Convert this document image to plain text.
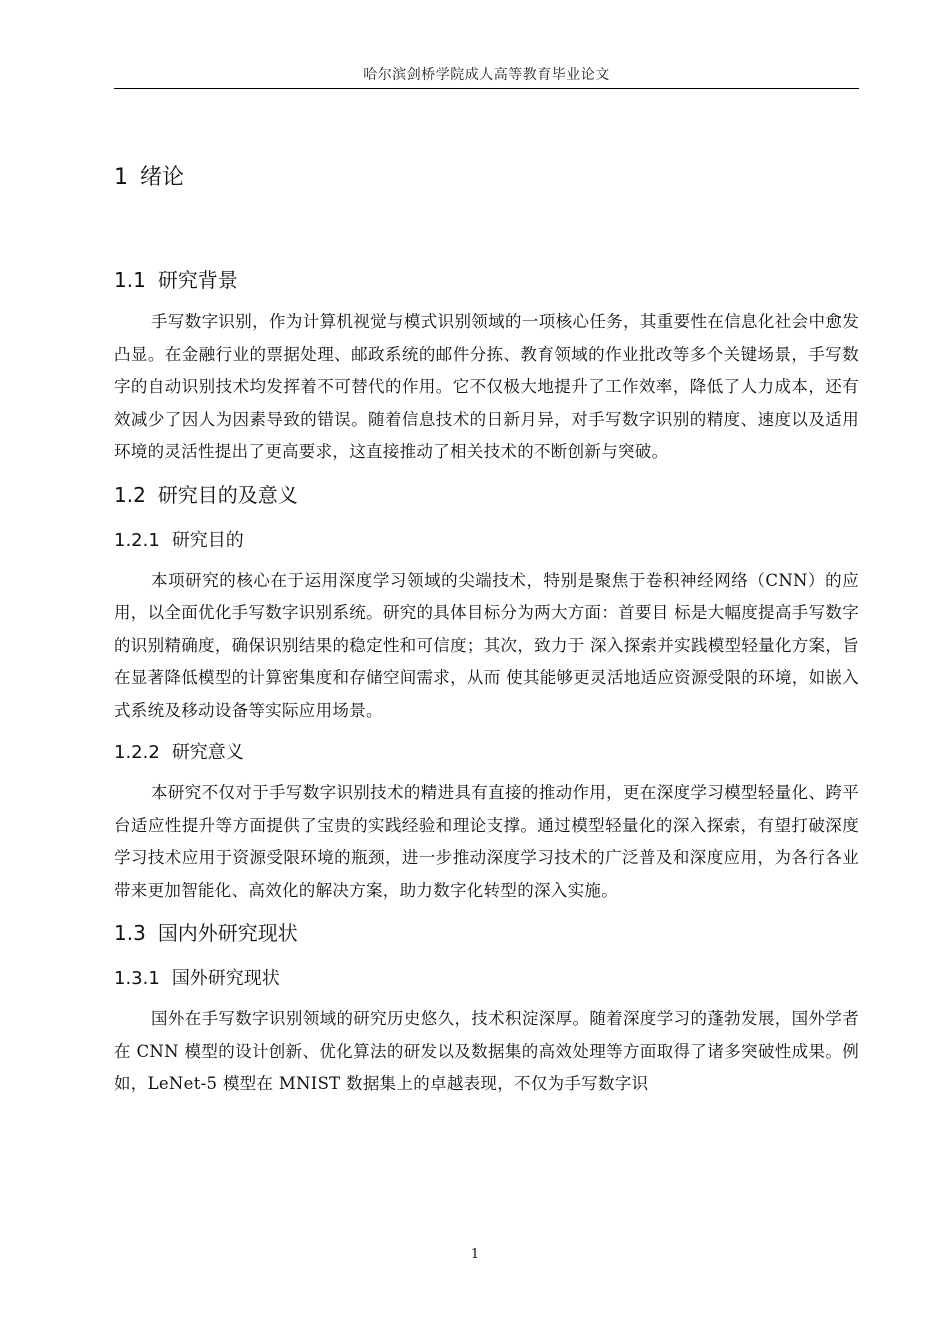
哈尔滨剑桥学院成人高等教育毕业论文
1 绪论
1.1 研究背景

手写数字识别，作为计算机视觉与模式识别领域的一项核心任务，其重要性在信息化社会中愈发凸显。在金融行业的票据处理、邮政系统的邮件分拣、教育领域的作业批改等多个关键场景，手写数字的自动识别技术均发挥着不可替代的作用。它不仅极大地提升了工作效率，降低了人力成本，还有效减少了因人为因素导致的错误。随着信息技术的日新月异，对手写数字识别的精度、速度以及适用环境的灵活性提出了更高要求，这直接推动了相关技术的不断创新与突破。

1.2 研究目的及意义
1.2.1 研究目的

本项研究的核心在于运用深度学习领域的尖端技术，特别是聚焦于卷积神经网络（CNN）的应用，以全面优化手写数字识别系统。研究的具体目标分为两大方面：首要目 标是大幅度提高手写数字的识别精确度，确保识别结果的稳定性和可信度；其次，致力于 深入探索并实践模型轻量化方案，旨在显著降低模型的计算密集度和存储空间需求，从而 使其能够更灵活地适应资源受限的环境，如嵌入式系统及移动设备等实际应用场景。

1.2.2 研究意义

本研究不仅对于手写数字识别技术的精进具有直接的推动作用，更在深度学习模型轻量化、跨平台适应性提升等方面提供了宝贵的实践经验和理论支撑。通过模型轻量化的深入探索，有望打破深度学习技术应用于资源受限环境的瓶颈，进一步推动深度学习技术的广泛普及和深度应用，为各行各业带来更加智能化、高效化的解决方案，助力数字化转型的深入实施。

1.3 国内外研究现状
1.3.1 国外研究现状

国外在手写数字识别领域的研究历史悠久，技术积淀深厚。随着深度学习的蓬勃发展，国外学者在 CNN 模型的设计创新、优化算法的研发以及数据集的高效处理等方面取得了诸多突破性成果。例如，LeNet-5 模型在 MNIST 数据集上的卓越表现，不仅为手写数字识

1
